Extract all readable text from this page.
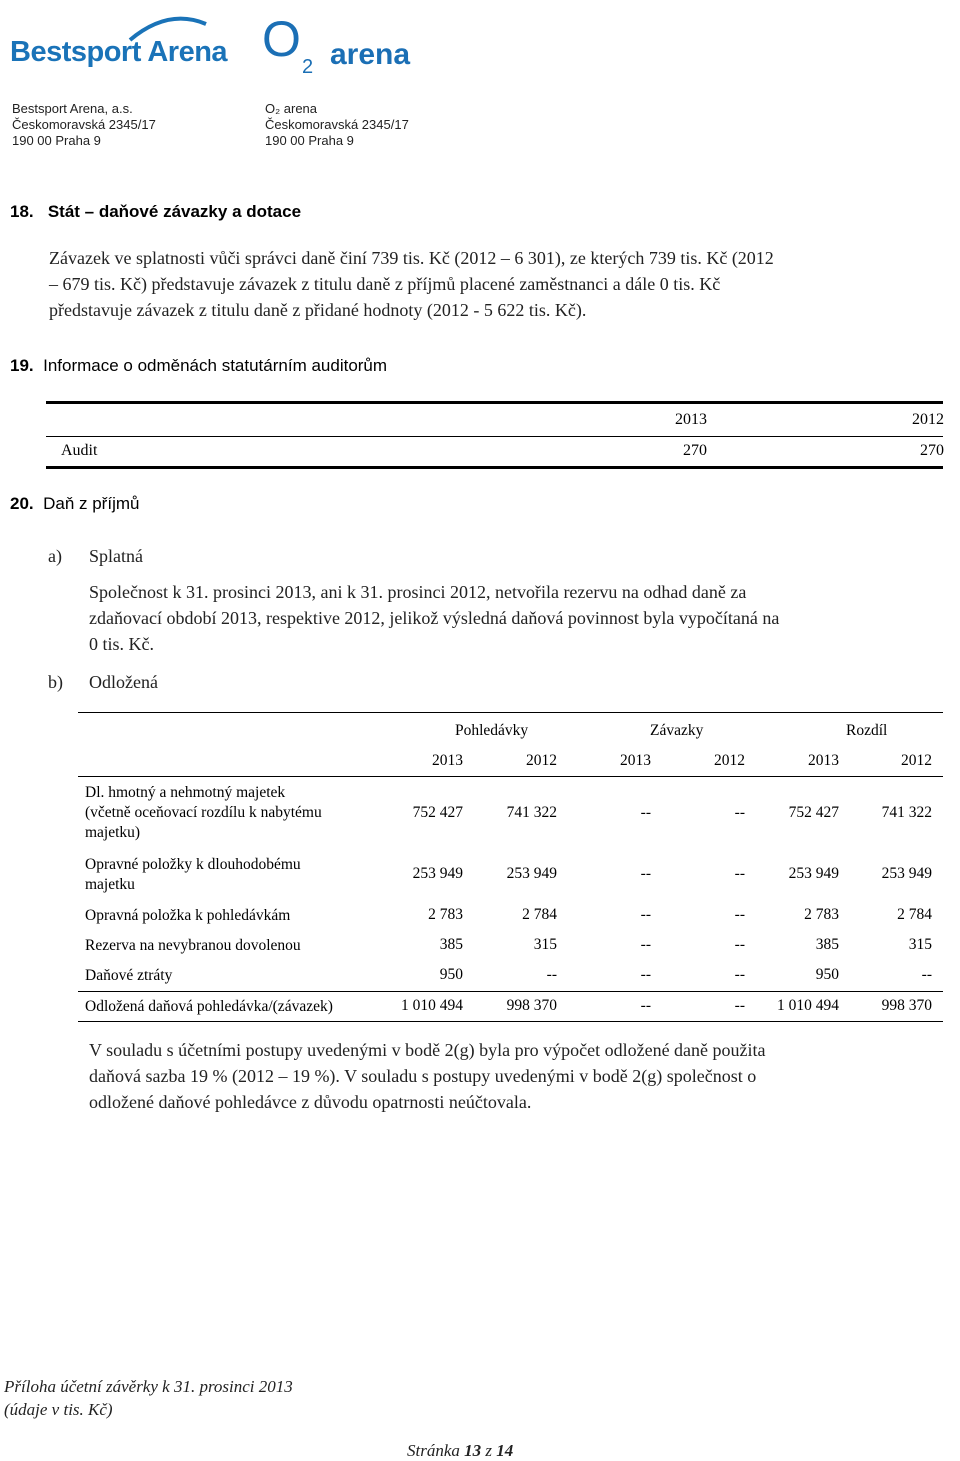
Bestsport Arena O 2 arena
Bestsport Arena, a.s.
Českomoravská 2345/17
190 00 Praha 9
O₂ arena
Českomoravská 2345/17
190 00 Praha 9
18. Stát – daňové závazky a dotace
Závazek ve splatnosti vůči správci daně činí 739 tis. Kč (2012 – 6 301), ze kterých 739 tis. Kč (2012
– 679 tis. Kč) představuje závazek z titulu daně z příjmů placené zaměstnanci a dále 0 tis. Kč
představuje závazek z titulu daně z přidané hodnoty (2012 - 5 622 tis. Kč).
19. Informace o odměnách statutárním auditorům
2013	2012
Audit	270	270
20. Daň z příjmů
a) Splatná
Společnost k 31. prosinci 2013, ani k 31. prosinci 2012, netvořila rezervu na odhad daně za
zdaňovací období 2013, respektive 2012, jelikož výsledná daňová povinnost byla vypočítaná na
0 tis. Kč.
b) Odložená
Pohledávky	Závazky	Rozdíl
2013	2012	2013	2012	2013	2012
Dl. hmotný a nehmotný majetek
(včetně oceňovací rozdílu k nabytému
majetku)
752 427	741 322	--	--	752 427	741 322
Opravné položky k dlouhodobému
majetku
253 949	253 949	--	--	253 949	253 949
Opravná položka k pohledávkám	2 783	2 784	--	--	2 783	2 784
Rezerva na nevybranou dovolenou	385	315	--	--	385	315
Daňové ztráty	950	--	--	--	950	--
Odložená daňová pohledávka/(závazek)	1 010 494	998 370	--	--	1 010 494	998 370
V souladu s účetními postupy uvedenými v bodě 2(g) byla pro výpočet odložené daně použita
daňová sazba 19 % (2012 – 19 %). V souladu s postupy uvedenými v bodě 2(g) společnost o
odložené daňové pohledávce z důvodu opatrnosti neúčtovala.
Příloha účetní závěrky k 31. prosinci 2013
(údaje v tis. Kč)
Stránka 13 z 14
